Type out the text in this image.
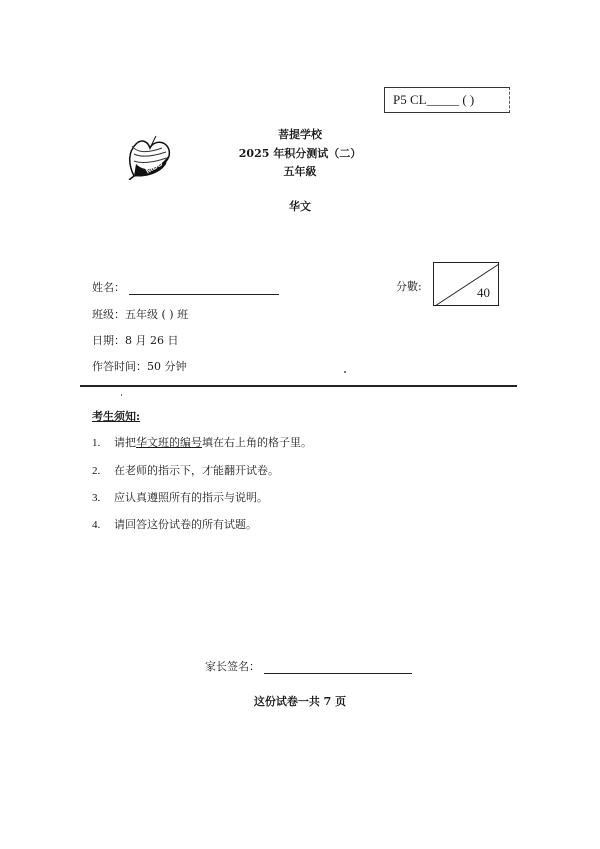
P5 CL_____ ( )
MBS
菩提学校
2025 年积分测试（二）
五年級
华文
姓名：
班级：五年级 ( ) 班
日期：8 月 26 日
作答时间：50 分钟
分數:	40
考生须知:
1. 请把华文班的编号填在右上角的格子里。
2. 在老师的指示下，才能翻开试卷。
3. 应认真遵照所有的指示与说明。
4. 请回答这份试卷的所有试题。
家长签名：
这份试卷一共 7 页
